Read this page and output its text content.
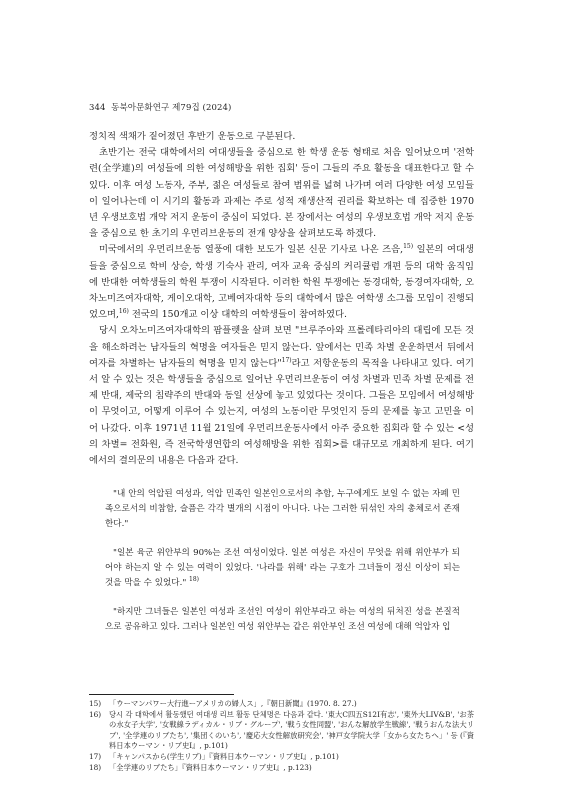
344 동북아문화연구 제79집 (2024)

정치적 색채가 짙어졌던 후반기 운동으로 구분된다.

초반기는 전국 대학에서의 여대생들을 중심으로 한 학생 운동 형태로 처음 일어났으며 '전학련(全学連)의 여성들에 의한 여성해방을 위한 집회' 등이 그들의 주요 활동을 대표한다고 할 수 있다. 이후 여성 노동자, 주부, 젊은 여성들로 참여 범위를 넓혀 나가며 여러 다양한 여성 모임들이 일어나는데 이 시기의 활동과 과제는 주로 성적 재생산적 권리를 확보하는 데 집중한 1970년 우생보호법 개악 저지 운동이 중심이 되었다. 본 장에서는 여성의 우생보호법 개악 저지 운동을 중심으로 한 초기의 우먼리브운동의 전개 양상을 살펴보도록 하겠다.

미국에서의 우먼리브운동 열풍에 대한 보도가 일본 신문 기사로 나온 즈음,$^{15)}$ 일본의 여대생들을 중심으로 학비 상승, 학생 기숙사 관리, 여자 교육 중심의 커리큘럼 개편 등의 대학 움직임에 반대한 여학생들의 학원 투쟁이 시작된다. 이러한 학원 투쟁에는 동경대학, 동경여자대학, 오차노미즈여자대학, 게이오대학, 고베여자대학 등의 대학에서 많은 여학생 소그룹 모임이 진행되었으며,$^{16)}$ 전국의 150개교 이상 대학의 여학생들이 참여하였다.

당시 오차노미즈여자대학의 팜플렛을 살펴 보면 "브루주아와 프롤레타리아의 대립에 모든 것을 해소하려는 남자들의 혁명을 여자들은 믿지 않는다. 앞에서는 민족 차별 운운하면서 뒤에서 여자를 차별하는 남자들의 혁명을 믿지 않는다"$^{17)}$라고 저항운동의 목적을 나타내고 있다. 여기서 알 수 있는 것은 학생들을 중심으로 일어난 우먼리브운동이 여성 차별과 민족 차별 문제를 전제 반대, 제국의 침략주의 반대와 동일 선상에 놓고 있었다는 것이다. 그들은 모임에서 여성해방이 무엇이고, 어떻게 이루어 수 있는지, 여성의 노동이란 무엇인지 등의 문제를 놓고 고민을 이어 나갔다. 이후 1971년 11월 21일에 우먼리브운동사에서 아주 중요한 집회라 할 수 있는 <성의 차별= 전화원, 즉 전국학생연합의 여성해방을 위한 집회>를 대규모로 개최하게 된다. 여기에서의 결의문의 내용은 다음과 같다.

"내 안의 억압된 여성과, 억압 민족인 일본인으로서의 추함, 누구에게도 보일 수 없는 자폐 민족으로서의 비참함, 슬픔은 각각 별개의 시점이 아니다. 나는 그러한 뒤섞인 자의 총체로서 존재한다."

"일본 육군 위안부의 90%는 조선 여성이었다. 일본 여성은 자신이 무엇을 위해 위안부가 되어야 하는지 알 수 있는 여력이 있었다. '나라를 위해' 라는 구호가 그녀들이 정신 이상이 되는 것을 막을 수 있었다." $^{18)}$

"하지만 그녀들은 일본인 여성과 조선인 여성이 위안부라고 하는 여성의 뒤처진 성을 본질적으로 공유하고 있다. 그러나 일본인 여성 위안부는 같은 위안부인 조선 여성에 대해 억압자 입

15)	「ウーマンパワー大行進ーアメリカの婦人ス」,『朝日新聞』(1970. 8. 27.)
16)	당시 각 대학에서 활동했던 여대생 리브 활동 단체명은 다음과 같다. '東大C四五S12I有志', '東外大LIV&B', 'お茶の水女子大学', '女戦線ラディカル・リブ・グループ', '戦う女性同盟', 'おんな解放学生戦線', '戦うおんな法大リブ', '全学連のリブたち', '集団くのいち', '慶応大女性解放研究会', '神戸女学院大学「女から女たちへ」' 등 (『資料日本ウーマン・リブ史Ⅰ』, p.101)
17)	「キャンパスから(学生リブ)」『資料日本ウーマン・リブ史Ⅰ』, p.101)
18)	「全学連のリブたち」『資料日本ウーマン・リブ史Ⅰ』, p.123)
